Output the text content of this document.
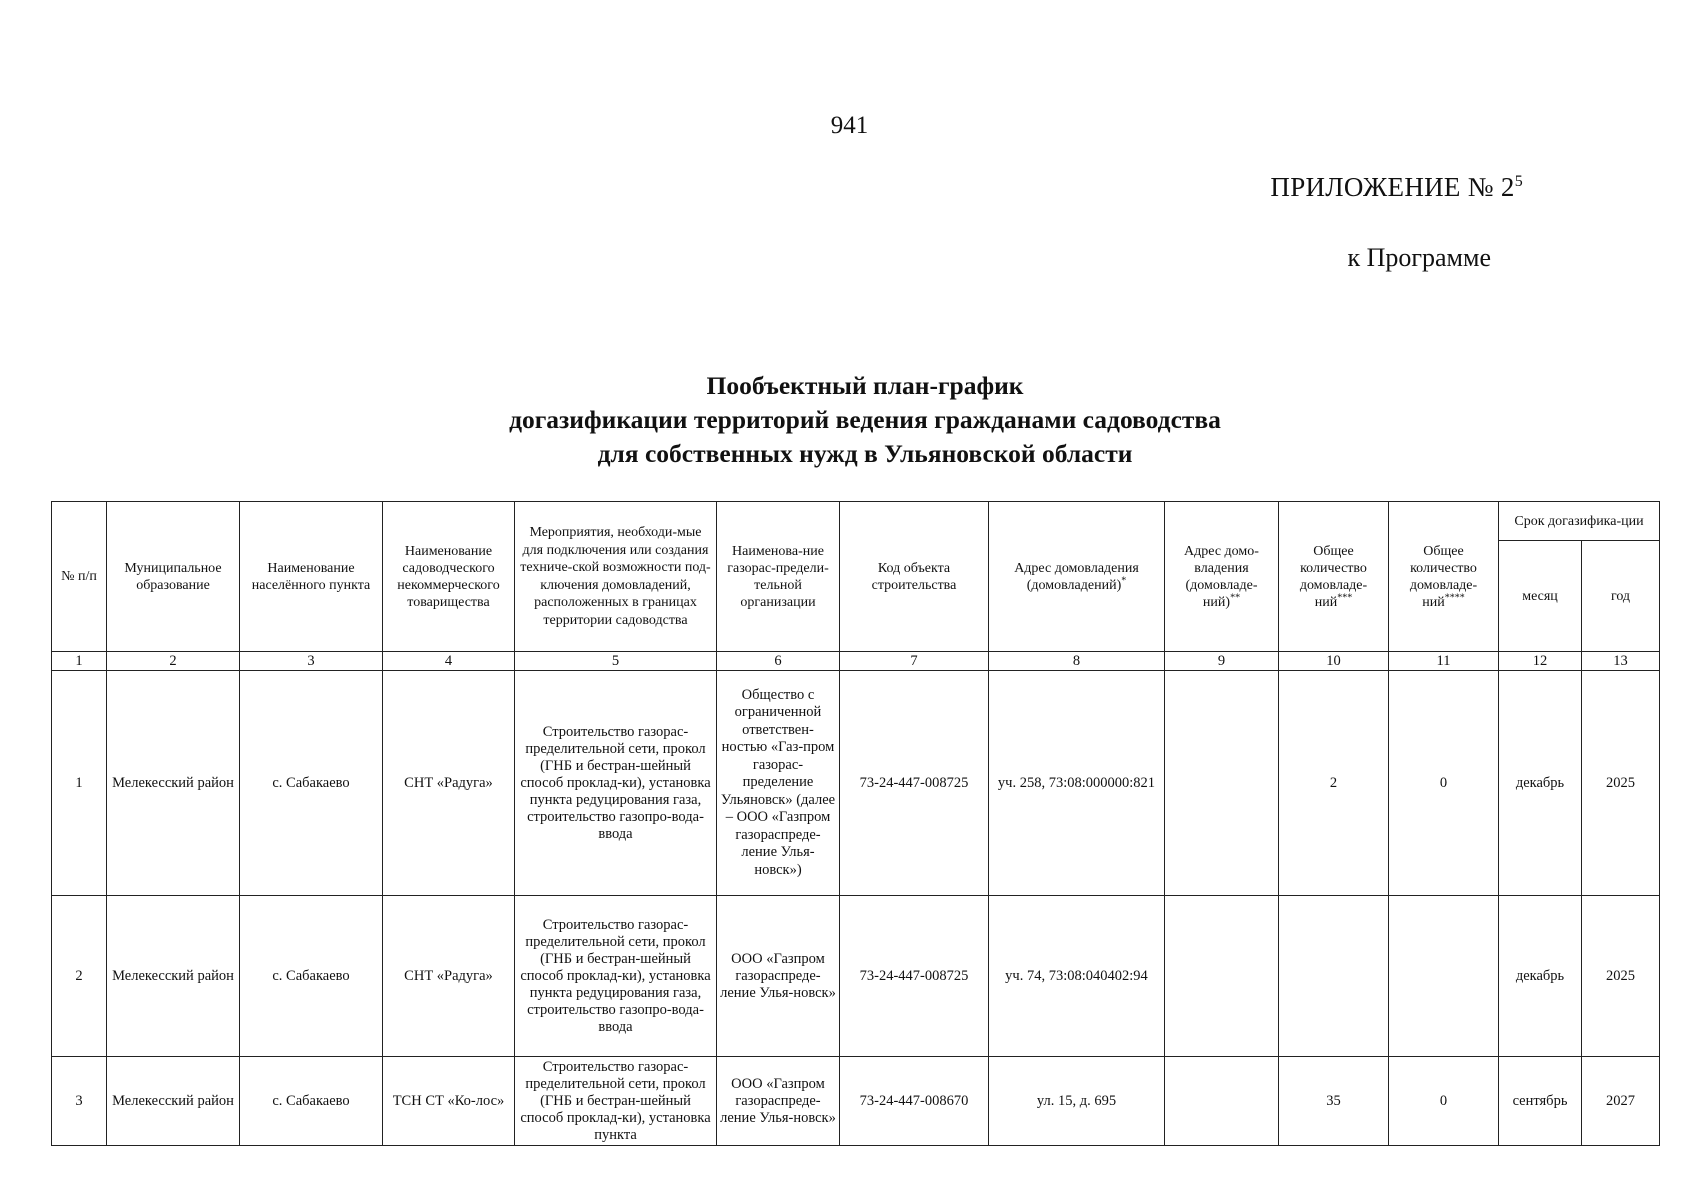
941
ПРИЛОЖЕНИЕ № $2^5$
к Программе
Пообъектный план-график
догазификации территорий ведения гражданами садоводства
для собственных нужд в Ульяновской области
№ п/п	Муниципальное образование	Наименование населённого пункта	Наименование садоводческого некоммерческого товарищества	Мероприятия, необходи-мые для подключения или создания техниче-ской возможности под-ключения домовладений, расположенных в границах территории садоводства	Наименова-ние газорас-предели-тельной организации	Код объекта строительства	Адрес домовладения (домовладений)*	Адрес домо-владения (домовладе-ний)**	Общее количество домовладе-ний***	Общее количество домовладе-ний****	Срок догазифика-ции	
											месяц	год
1	2	3	4	5	6	7	8	9	10	11	12	13
1	Мелекесский район	с. Сабакаево	СНТ «Радуга»	Строительство газорас-пределительной сети, прокол (ГНБ и бестран-шейный способ проклад-ки), установка пункта редуцирования газа, строительство газопро-вода-ввода	Общество с ограниченной ответствен-ностью «Газ-пром газорас-пределение Ульяновск» (далее – ООО «Газпром газораспреде-ление Улья-новск»)	73-24-447-008725	уч. 258, 73:08:000000:821		2	0	декабрь	2025
2	Мелекесский район	с. Сабакаево	СНТ «Радуга»	Строительство газорас-пределительной сети, прокол (ГНБ и бестран-шейный способ проклад-ки), установка пункта редуцирования газа, строительство газопро-вода-ввода	ООО «Газпром газораспреде-ление Улья-новск»	73-24-447-008725	уч. 74, 73:08:040402:94				декабрь	2025
3	Мелекесский район	с. Сабакаево	ТСН СТ «Ко-лос»	Строительство газорас-пределительной сети, прокол (ГНБ и бестран-шейный способ проклад-ки), установка пункта	ООО «Газпром газораспреде-ление Улья-новск»	73-24-447-008670	ул. 15, д. 695		35	0	сентябрь	2027
